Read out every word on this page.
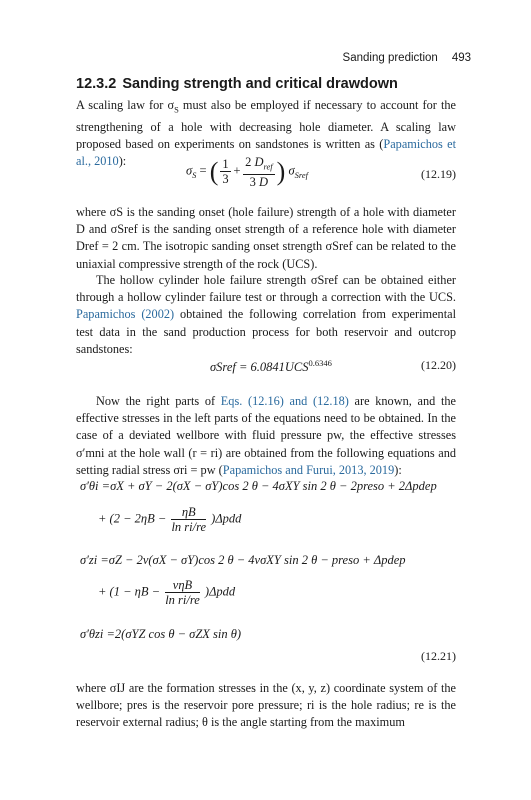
Sanding prediction 493
12.3.2 Sanding strength and critical drawdown

A scaling law for $\sigma_S$ must also be employed if necessary to account for the strengthening of a hole with decreasing hole diameter. A scaling law proposed based on experiments on sandstones is written as (Papamichos et al., 2010):

$\sigma_S$ = ( $\frac{1}{3} + \frac{2 D_{ref}}{3 D}$ ) $\sigma_{Sref}$	(12.19)

where σS is the sanding onset (hole failure) strength of a hole with diameter D and σSref is the sanding onset strength of a reference hole with diameter Dref = 2 cm. The isotropic sanding onset strength σSref can be related to the uniaxial compressive strength of the rock (UCS).

The hollow cylinder hole failure strength σSref can be obtained either through a hollow cylinder failure test or through a correction with the UCS. Papamichos (2002) obtained the following correlation from experimental test data in the sand production process for both reservoir and outcrop sandstones:

σSref = $6.0841UCS^{0.6346}$	(12.20)

Now the right parts of Eqs. (12.16) and (12.18) are known, and the effective stresses in the left parts of the equations need to be obtained. In the case of a deviated wellbore with fluid pressure pw, the effective stresses σ′mni at the hole wall (r = ri) are obtained from the following equations and setting radial stress σri = pw (Papamichos and Furui, 2013, 2019):

σ′θi =σX + σY − 2(σX − σY)cos 2 θ − 4σXY sin 2 θ − 2preso + 2Δpdep
+ $(2 - 2\eta B - \frac{\eta B}{\text{ln ri/re}} )\Delta pdd$
σ′zi =σZ − 2ν(σX − σY)cos 2 θ − 4νσXY sin 2 θ − preso + Δpdep
+ $(1 - \eta B - \frac{\text{νηB}}{\text{ln ri/re}} )\Delta pdd$
σ′θzi =2(σYZ cos θ − σZX sin θ)
(12.21)

where σIJ are the formation stresses in the (x, y, z) coordinate system of the wellbore; pres is the reservoir pore pressure; ri is the hole radius; re is the reservoir external radius; θ is the angle starting from the maximum
